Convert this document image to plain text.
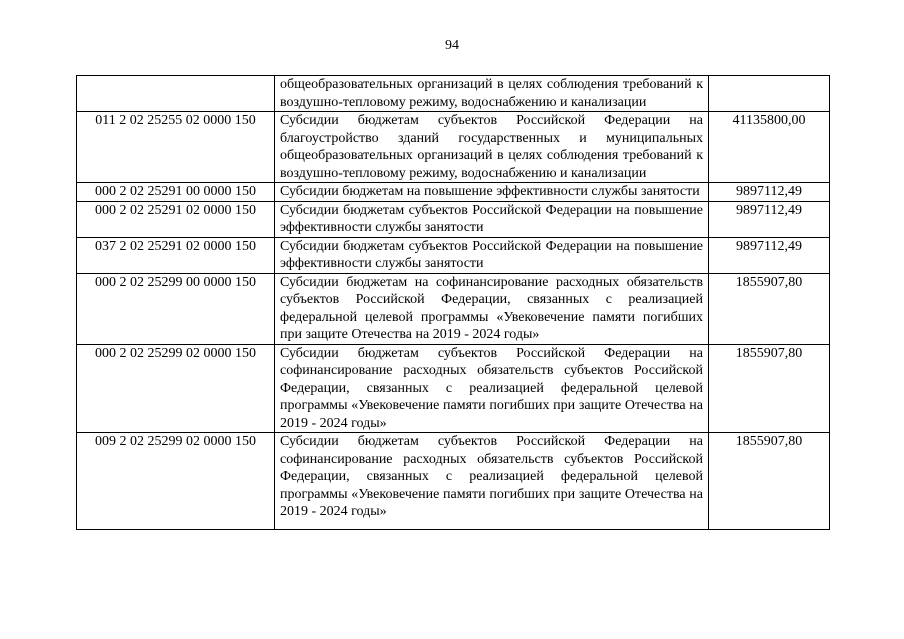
94
	общеобразовательных организаций в целях соблюдения требований к воздушно-тепловому режиму, водоснабжению и канализации	
011 2 02 25255 02 0000 150	Субсидии бюджетам субъектов Российской Федерации на благоустройство зданий государственных и муниципальных общеобразовательных организаций в целях соблюдения требований к воздушно-тепловому режиму, водоснабжению и канализации	41135800,00
000 2 02 25291 00 0000 150	Субсидии бюджетам на повышение эффективности службы занятости	9897112,49
000 2 02 25291 02 0000 150	Субсидии бюджетам субъектов Российской Федерации на повышение эффективности службы занятости	9897112,49
037 2 02 25291 02 0000 150	Субсидии бюджетам субъектов Российской Федерации на повышение эффективности службы занятости	9897112,49
000 2 02 25299 00 0000 150	Субсидии бюджетам на софинансирование расходных обязательств субъектов Российской Федерации, связанных с реализацией федеральной целевой программы «Увековечение памяти погибших при защите Отечества на 2019 - 2024 годы»	1855907,80
000 2 02 25299 02 0000 150	Субсидии бюджетам субъектов Российской Федерации на софинансирование расходных обязательств субъектов Российской Федерации, связанных с реализацией федеральной целевой программы «Увековечение памяти погибших при защите Отечества на 2019 - 2024 годы»	1855907,80
009 2 02 25299 02 0000 150	Субсидии бюджетам субъектов Российской Федерации на софинансирование расходных обязательств субъектов Российской Федерации, связанных с реализацией федеральной целевой программы «Увековечение памяти погибших при защите Отечества на 2019 - 2024 годы»	1855907,80
